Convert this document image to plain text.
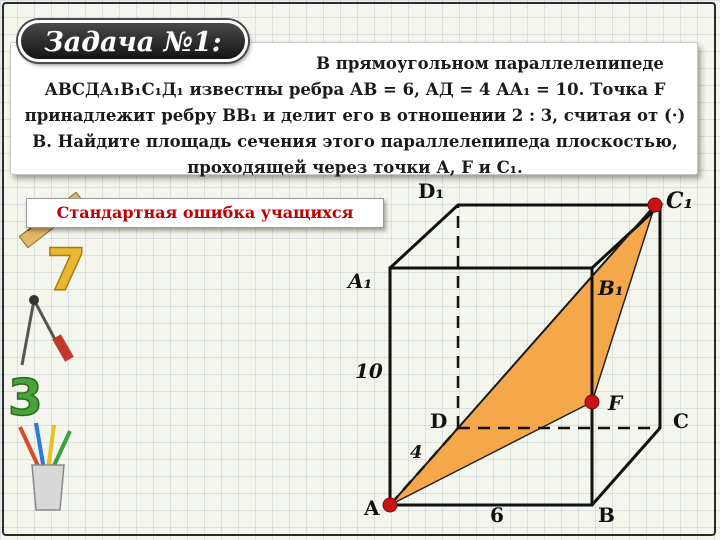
7
3
В прямоугольном параллелепипеде АВСДА₁В₁С₁Д₁ известны ребра АВ = 6, АД = 4 АА₁ = 10. Точка F принадлежит ребру ВВ₁ и делит его в отношении 2 : 3, считая от (·) В. Найдите площадь сечения этого параллелепипеда плоскостью, проходящей через точки А, F и С₁.
Задача №1:
Стандартная ошибка учащихся
A	B
C
D
A₁	B₁
C₁
D₁
F
6
4
10
